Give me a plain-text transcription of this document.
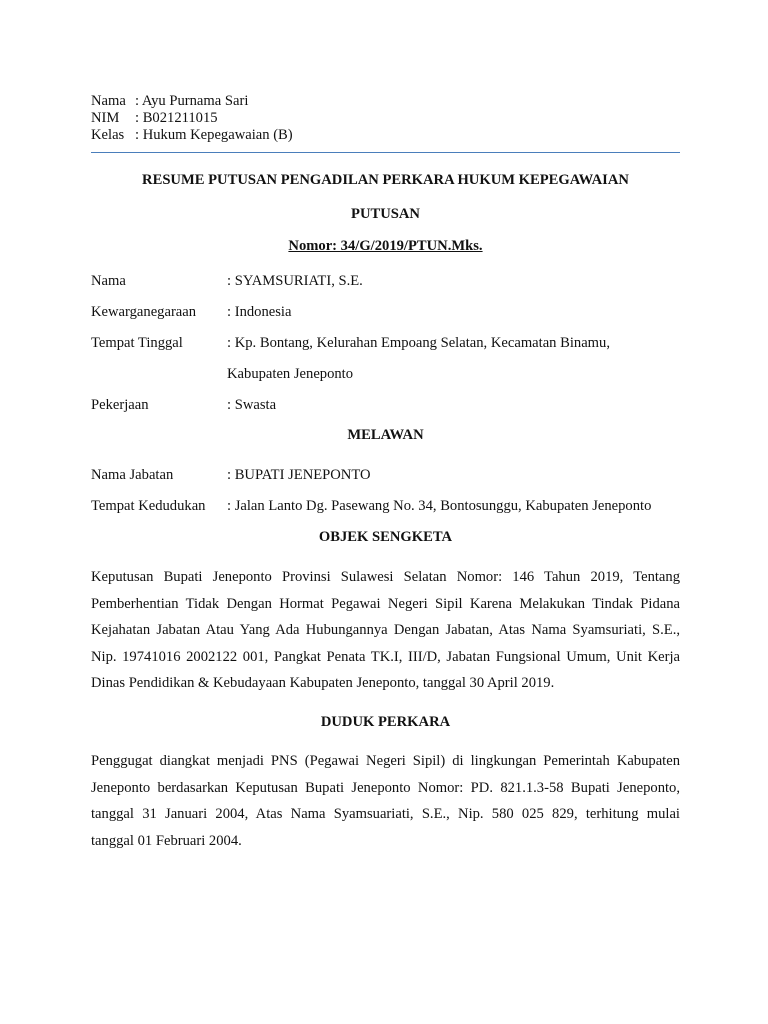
Nama : Ayu Purnama Sari
NIM	: B021211015
Kelas : Hukum Kepegawaian (B)
RESUME PUTUSAN PENGADILAN PERKARA HUKUM KEPEGAWAIAN
PUTUSAN
Nomor: 34/G/2019/PTUN.Mks.
Nama	: SYAMSURIATI, S.E.
Kewarganegaraan	: Indonesia
Tempat Tinggal	: Kp. Bontang, Kelurahan Empoang Selatan, Kecamatan Binamu,
Kabupaten Jeneponto
Pekerjaan	: Swasta
MELAWAN
Nama Jabatan	: BUPATI JENEPONTO
Tempat Kedudukan	: Jalan Lanto Dg. Pasewang No. 34, Bontosunggu, Kabupaten Jeneponto
OBJEK SENGKETA
Keputusan Bupati Jeneponto Provinsi Sulawesi Selatan Nomor: 146 Tahun 2019, Tentang
Pemberhentian Tidak Dengan Hormat Pegawai Negeri Sipil Karena Melakukan Tindak Pidana
Kejahatan Jabatan Atau Yang Ada Hubungannya Dengan Jabatan, Atas Nama Syamsuriati, S.E.,
Nip. 19741016 2002122 001, Pangkat Penata TK.I, III/D, Jabatan Fungsional Umum, Unit Kerja
Dinas Pendidikan & Kebudayaan Kabupaten Jeneponto, tanggal 30 April 2019.
DUDUK PERKARA
Penggugat diangkat menjadi PNS (Pegawai Negeri Sipil) di lingkungan Pemerintah Kabupaten
Jeneponto berdasarkan Keputusan Bupati Jeneponto Nomor: PD. 821.1.3-58 Bupati Jeneponto,
tanggal 31 Januari 2004, Atas Nama Syamsuariati, S.E., Nip. 580 025 829, terhitung mulai
tanggal 01 Februari 2004.
